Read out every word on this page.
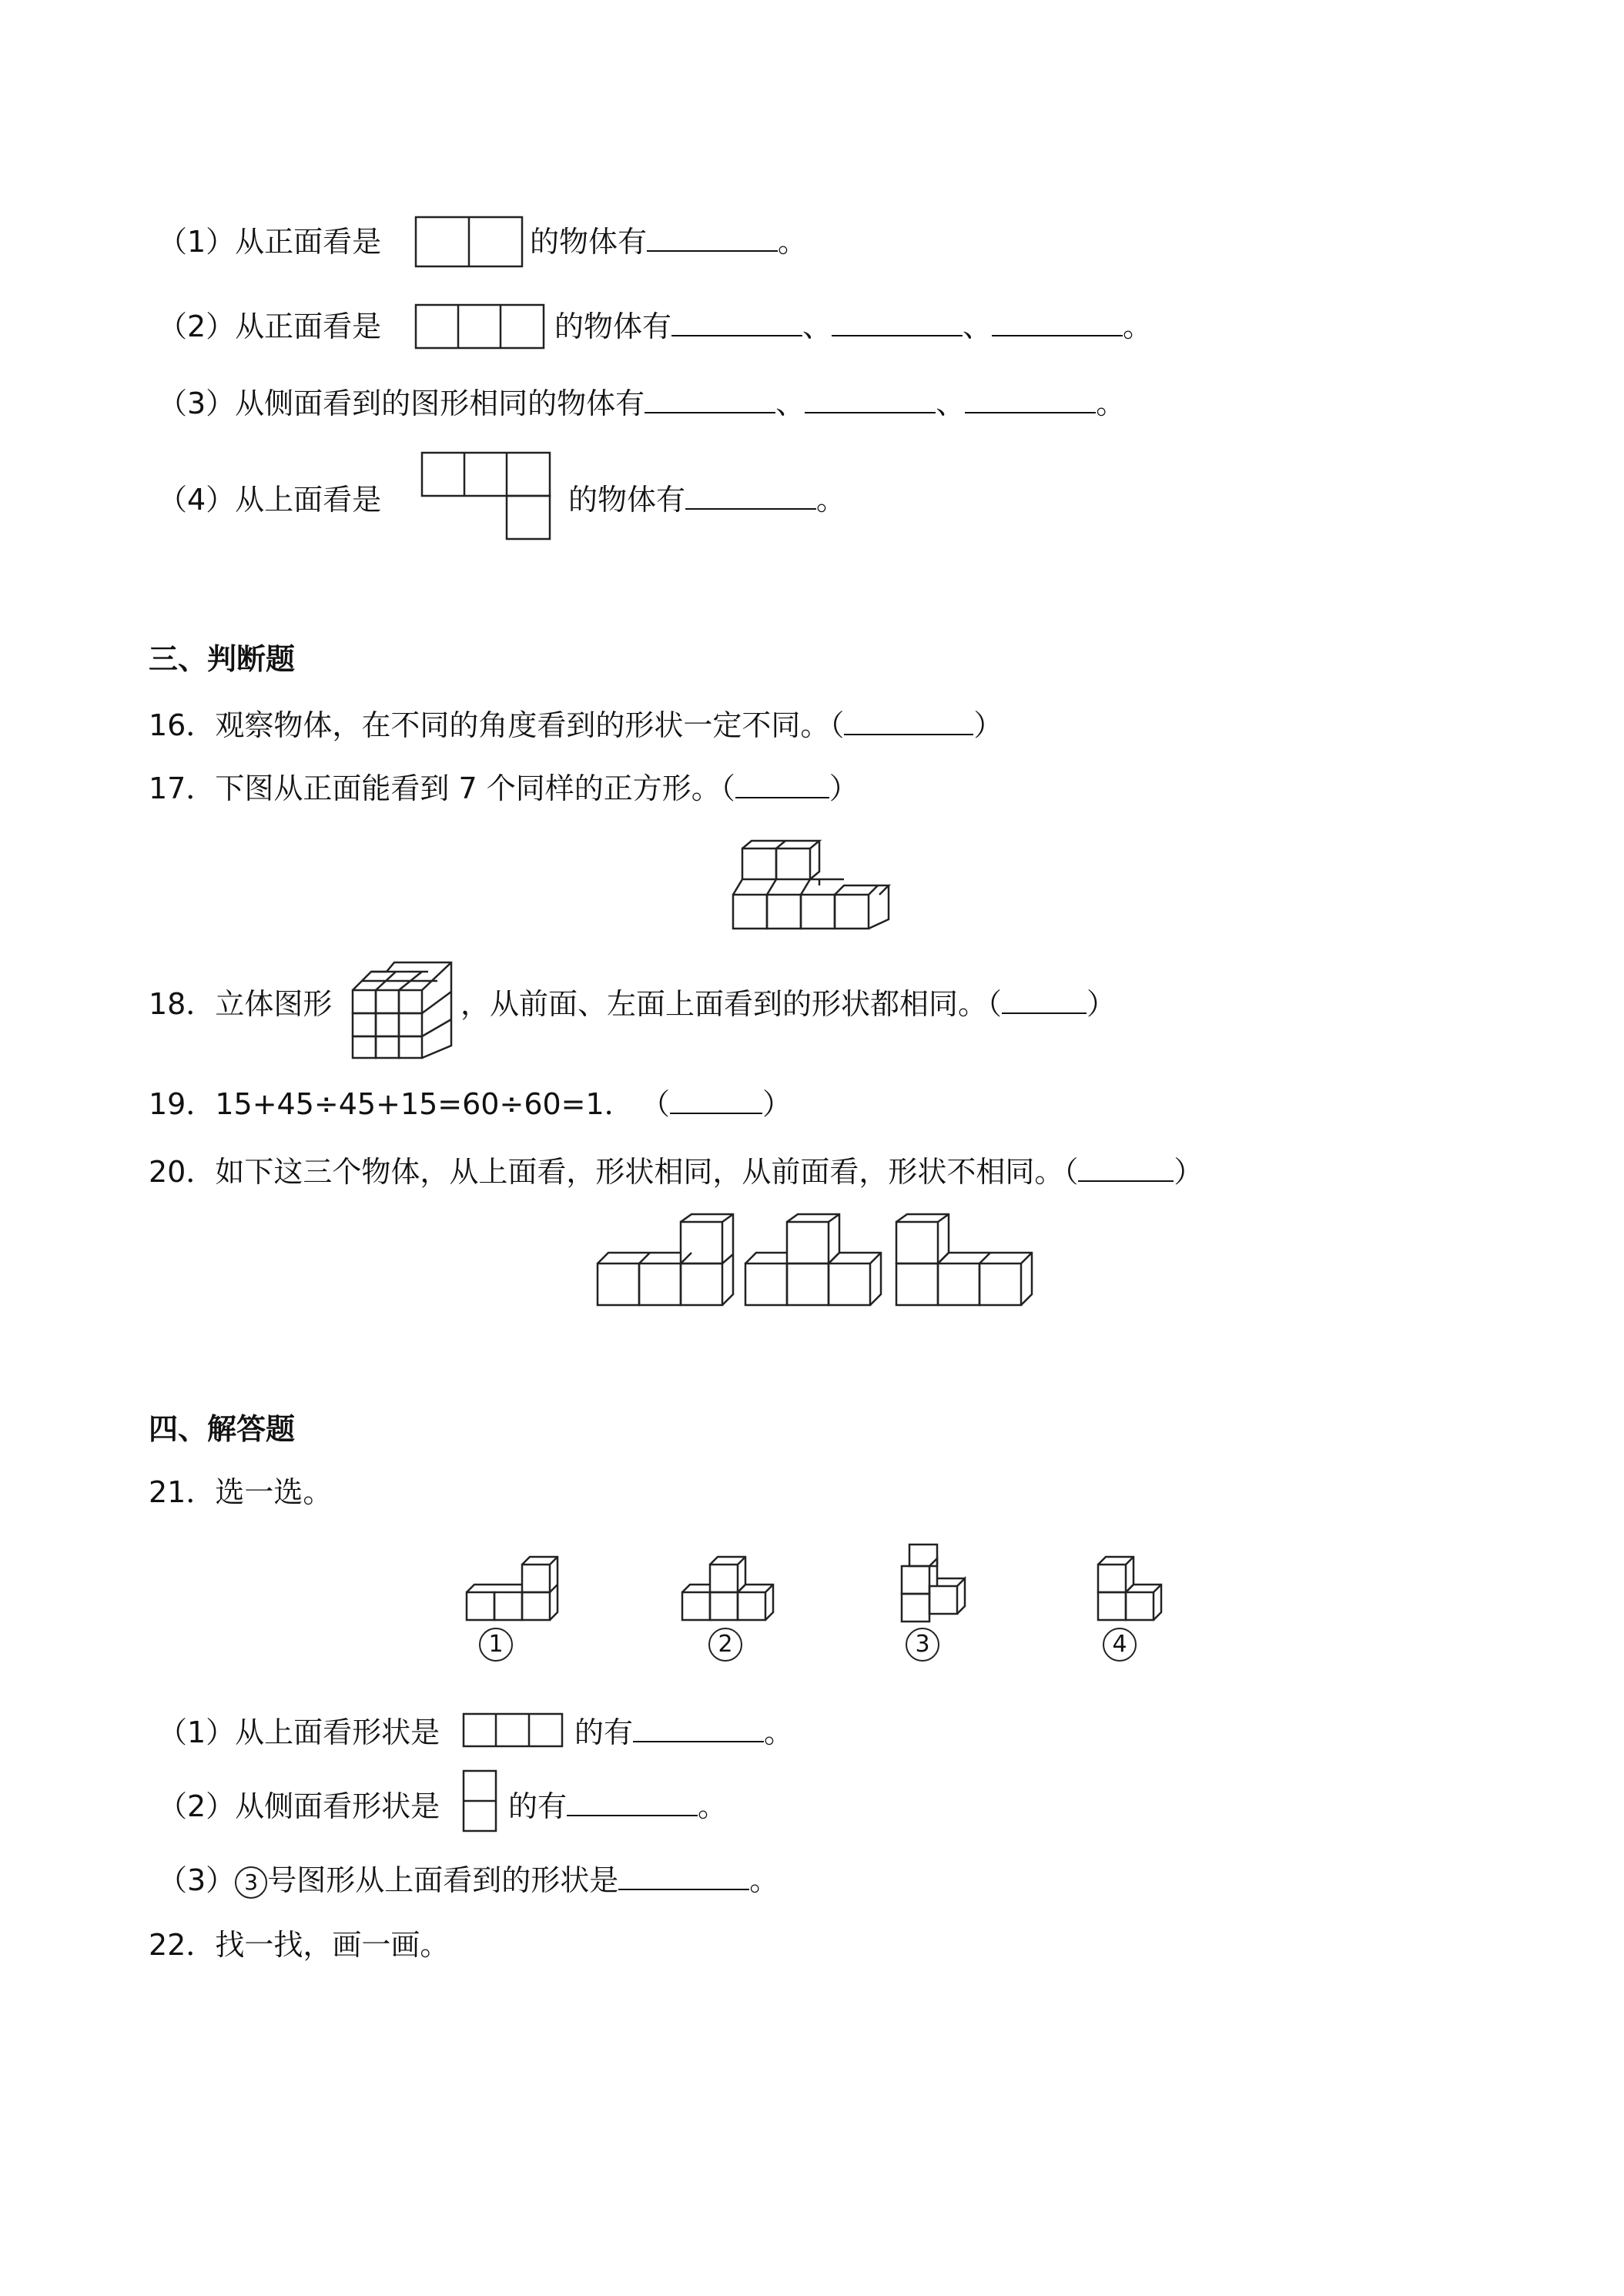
（1）从正面看是	的物体有	。
（2）从正面看是	的物体有	、	、	。
（3）从侧面看到的图形相同的物体有	、	、	。
（4）从上面看是	的物体有	。
三、判断题
16．观察物体，在不同的角度看到的形状一定不同。（	）
17．下图从正面能看到 7 个同样的正方形。（	）
18．立体图形	，从前面、左面上面看到的形状都相同。（	）
19．15+45÷45+15=60÷60=1． （	）
20．如下这三个物体，从上面看，形状相同，从前面看，形状不相同。（	）
四、解答题
21．选一选。
1	2	3	4
（1）从上面看形状是	的有	。
（2）从侧面看形状是 的有	。
（3） 3 号图形从上面看到的形状是	。
22．找一找，画一画。
